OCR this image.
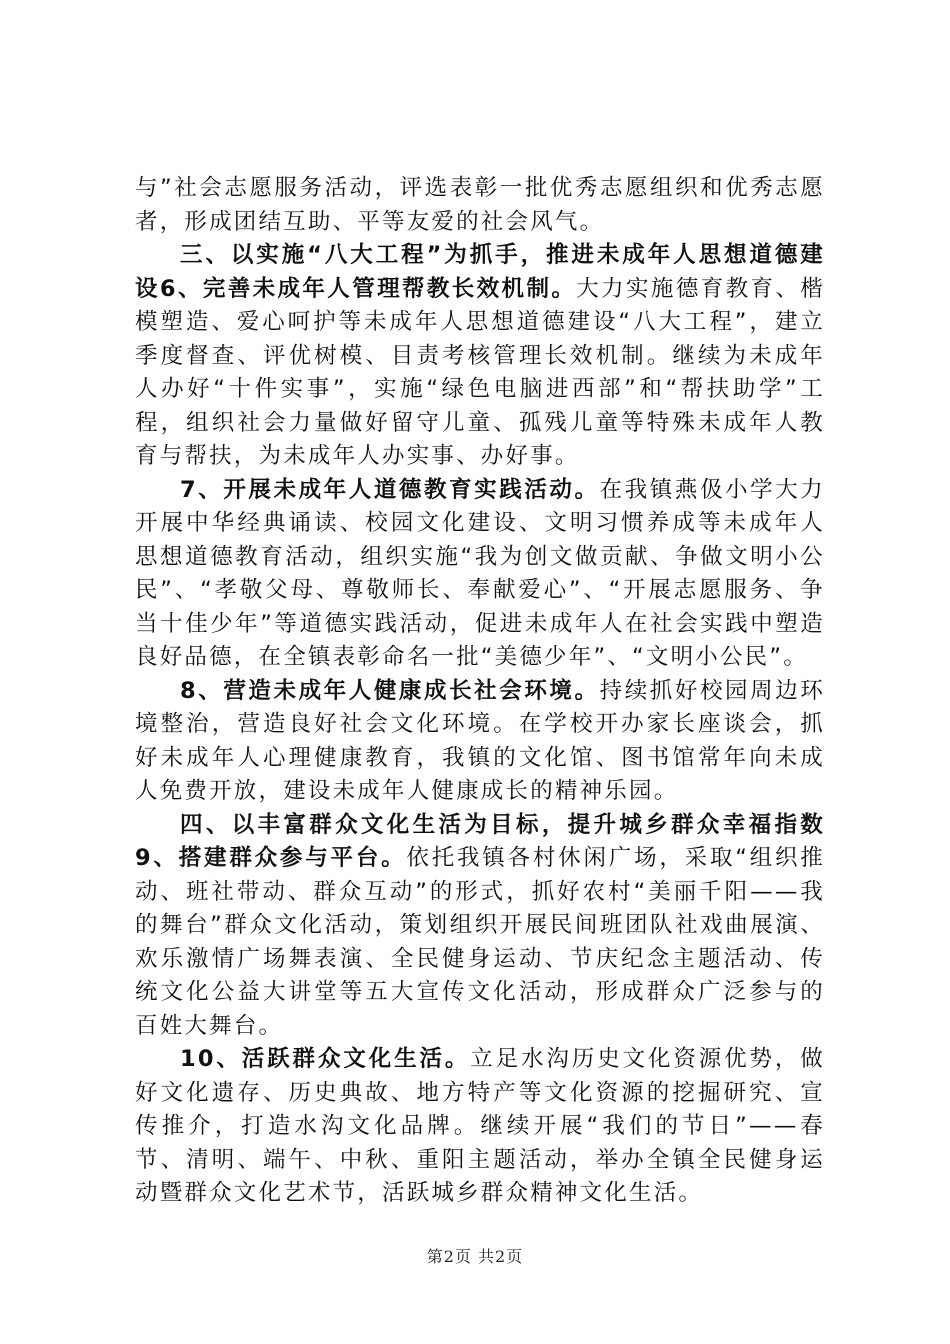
与”社会志愿服务活动，评选表彰一批优秀志愿组织和优秀志愿者，形成团结互助、平等友爱的社会风气。

三、以实施“八大工程”为抓手，推进未成年人思想道德建设6、完善未成年人管理帮教长效机制。大力实施德育教育、楷模塑造、爱心呵护等未成年人思想道德建设“八大工程”，建立季度督查、评优树模、目责考核管理长效机制。继续为未成年人办好“十件实事”，实施“绿色电脑进西部”和“帮扶助学”工程，组织社会力量做好留守儿童、孤残儿童等特殊未成年人教育与帮扶，为未成年人办实事、办好事。

7、开展未成年人道德教育实践活动。在我镇燕伋小学大力开展中华经典诵读、校园文化建设、文明习惯养成等未成年人思想道德教育活动，组织实施“我为创文做贡献、争做文明小公民”、“孝敬父母、尊敬师长、奉献爱心”、“开展志愿服务、争当十佳少年”等道德实践活动，促进未成年人在社会实践中塑造良好品德，在全镇表彰命名一批“美德少年”、“文明小公民”。

8、营造未成年人健康成长社会环境。持续抓好校园周边环境整治，营造良好社会文化环境。在学校开办家长座谈会，抓好未成年人心理健康教育，我镇的文化馆、图书馆常年向未成人免费开放，建设未成年人健康成长的精神乐园。

四、以丰富群众文化生活为目标，提升城乡群众幸福指数9、搭建群众参与平台。依托我镇各村休闲广场，采取“组织推动、班社带动、群众互动”的形式，抓好农村“美丽千阳——我的舞台”群众文化活动，策划组织开展民间班团队社戏曲展演、欢乐激情广场舞表演、全民健身运动、节庆纪念主题活动、传统文化公益大讲堂等五大宣传文化活动，形成群众广泛参与的百姓大舞台。

10、活跃群众文化生活。立足水沟历史文化资源优势，做好文化遗存、历史典故、地方特产等文化资源的挖掘研究、宣传推介，打造水沟文化品牌。继续开展“我们的节日”——春节、清明、端午、中秋、重阳主题活动，举办全镇全民健身运动暨群众文化艺术节，活跃城乡群众精神文化生活。

第2页 共2页
